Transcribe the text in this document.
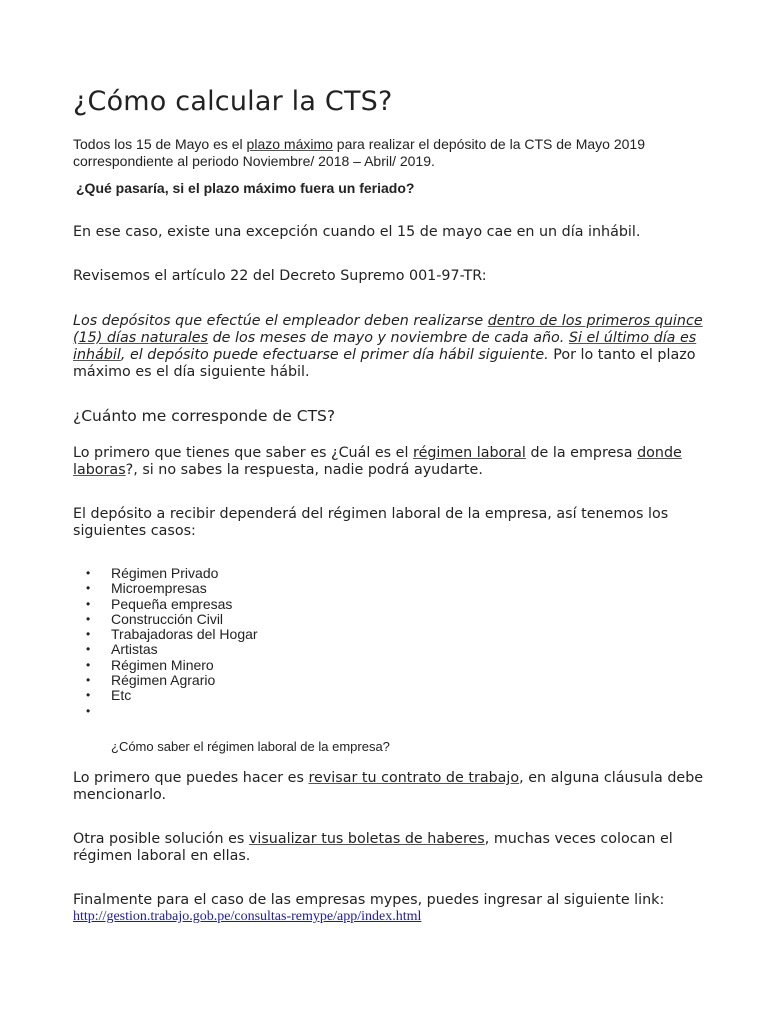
¿Cómo calcular la CTS?

Todos los 15 de Mayo es el plazo máximo para realizar el depósito de la CTS de Mayo 2019 correspondiente al periodo Noviembre/ 2018 – Abril/ 2019.

¿Qué pasaría, si el plazo máximo fuera un feriado?

En ese caso, existe una excepción cuando el 15 de mayo cae en un día inhábil.

Revisemos el artículo 22 del Decreto Supremo 001-97-TR:

Los depósitos que efectúe el empleador deben realizarse dentro de los primeros quince (15) días naturales de los meses de mayo y noviembre de cada año. Si el último día es inhábil, el depósito puede efectuarse el primer día hábil siguiente. Por lo tanto el plazo máximo es el día siguiente hábil.

¿Cuánto me corresponde de CTS?

Lo primero que tienes que saber es ¿Cuál es el régimen laboral de la empresa donde laboras?, si no sabes la respuesta, nadie podrá ayudarte.

El depósito a recibir dependerá del régimen laboral de la empresa, así tenemos los siguientes casos:

• Régimen Privado
• Microempresas
• Pequeña empresas
• Construcción Civil
• Trabajadoras del Hogar
• Artistas
• Régimen Minero
• Régimen Agrario
• Etc
•

¿Cómo saber el régimen laboral de la empresa?

Lo primero que puedes hacer es revisar tu contrato de trabajo, en alguna cláusula debe mencionarlo.

Otra posible solución es visualizar tus boletas de haberes, muchas veces colocan el régimen laboral en ellas.

Finalmente para el caso de las empresas mypes, puedes ingresar al siguiente link:

http://gestion.trabajo.gob.pe/consultas-remype/app/index.html
